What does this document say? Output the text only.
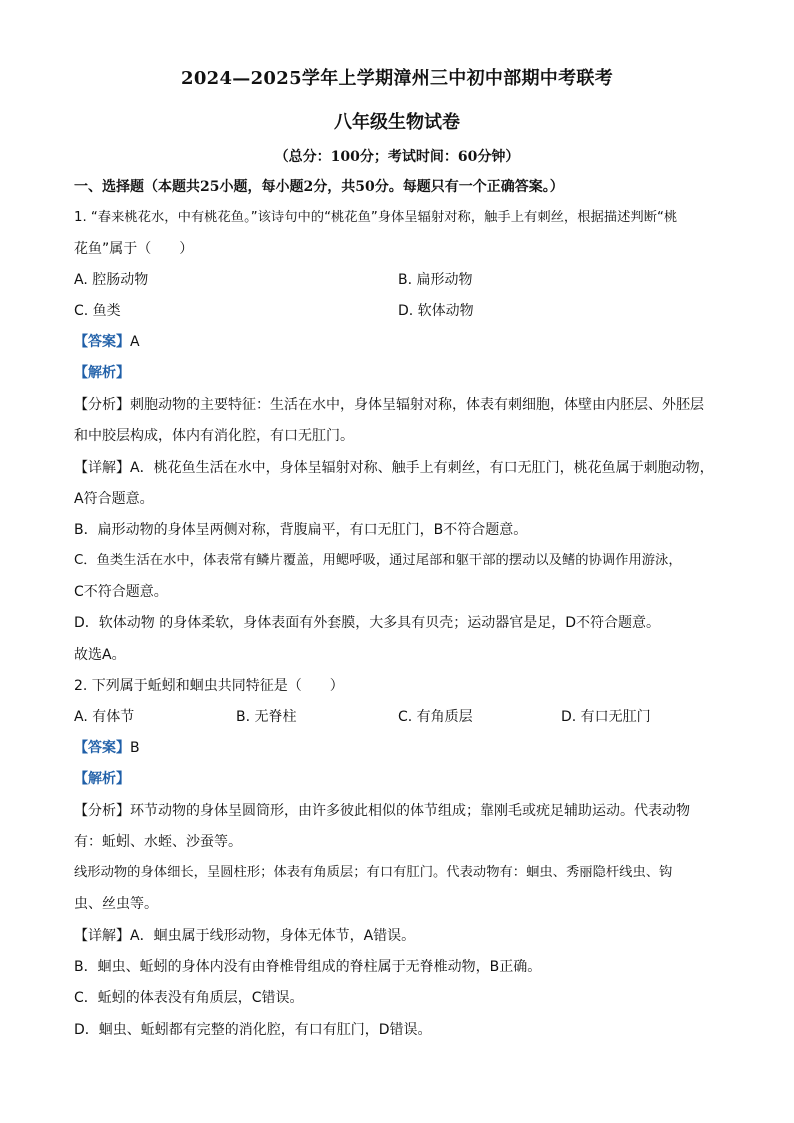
2024—2025学年上学期漳州三中初中部期中考联考
八年级生物试卷
（总分：100分；考试时间：60分钟）
一、选择题（本题共25小题，每小题2分，共50分。每题只有一个正确答案。）
1. “春来桃花水，中有桃花鱼。”该诗句中的“桃花鱼”身体呈辐射对称，触手上有刺丝，根据描述判断“桃
花鱼”属于（　　）
A. 腔肠动物	B. 扁形动物
C. 鱼类	D. 软体动物
【答案】A
【解析】
【分析】刺胞动物的主要特征：生活在水中，身体呈辐射对称，体表有刺细胞，体壁由内胚层、外胚层
和中胶层构成，体内有消化腔，有口无肛门。
【详解】A．桃花鱼生活在水中，身体呈辐射对称、触手上有刺丝，有口无肛门，桃花鱼属于刺胞动物，
A符合题意。
B．扁形动物的身体呈两侧对称，背腹扁平，有口无肛门，B不符合题意。
C．鱼类生活在水中，体表常有鳞片覆盖，用鳃呼吸，通过尾部和躯干部的摆动以及鳍的协调作用游泳，
C不符合题意。
D．软体动物 的身体柔软，身体表面有外套膜，大多具有贝壳；运动器官是足，D不符合题意。
故选A。
2. 下列属于蚯蚓和蛔虫共同特征是（　　）
A. 有体节	B. 无脊柱	C. 有角质层	D. 有口无肛门
【答案】B
【解析】
【分析】环节动物的身体呈圆筒形，由许多彼此相似的体节组成；靠刚毛或疣足辅助运动。代表动物
有：蚯蚓、水蛭、沙蚕等。
线形动物的身体细长，呈圆柱形；体表有角质层；有口有肛门。代表动物有：蛔虫、秀丽隐杆线虫、钩
虫、丝虫等。
【详解】A．蛔虫属于线形动物，身体无体节，A错误。
B．蛔虫、蚯蚓的身体内没有由脊椎骨组成的脊柱属于无脊椎动物，B正确。
C．蚯蚓的体表没有角质层，C错误。
D．蛔虫、蚯蚓都有完整的消化腔，有口有肛门，D错误。
